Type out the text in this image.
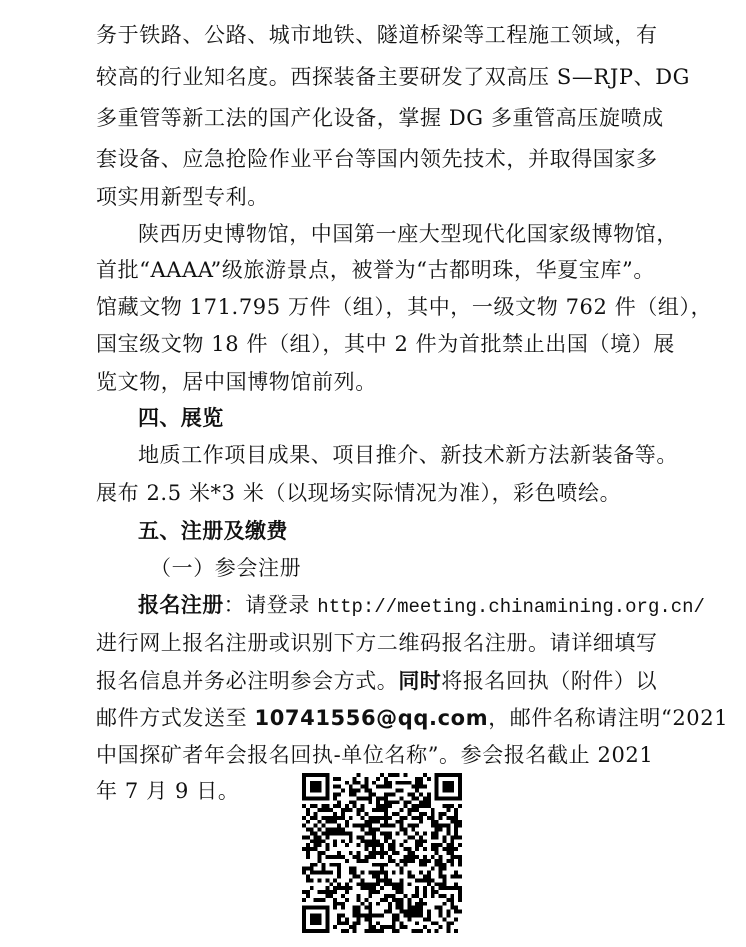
务于铁路、公路、城市地铁、隧道桥梁等工程施工领域，有
较高的行业知名度。西探装备主要研发了双高压 S—RJP、DG
多重管等新工法的国产化设备，掌握 DG 多重管高压旋喷成
套设备、应急抢险作业平台等国内领先技术，并取得国家多
项实用新型专利。
陕西历史博物馆，中国第一座大型现代化国家级博物馆，
首批“AAAA”级旅游景点，被誉为“古都明珠，华夏宝库”。
馆藏文物 171.795 万件（组），其中，一级文物 762 件（组），
国宝级文物 18 件（组），其中 2 件为首批禁止出国（境）展
览文物，居中国博物馆前列。
四、展览
地质工作项目成果、项目推介、新技术新方法新装备等。
展布 2.5 米*3 米（以现场实际情况为准），彩色喷绘。
五、注册及缴费
（一）参会注册
报名注册：请登录 http://meeting.chinamining.org.cn/
进行网上报名注册或识别下方二维码报名注册。请详细填写
报名信息并务必注明参会方式。同时将报名回执（附件）以
邮件方式发送至 10741556@qq.com，邮件名称请注明“2021
中国探矿者年会报名回执-单位名称”。参会报名截止 2021
年 7 月 9 日。
